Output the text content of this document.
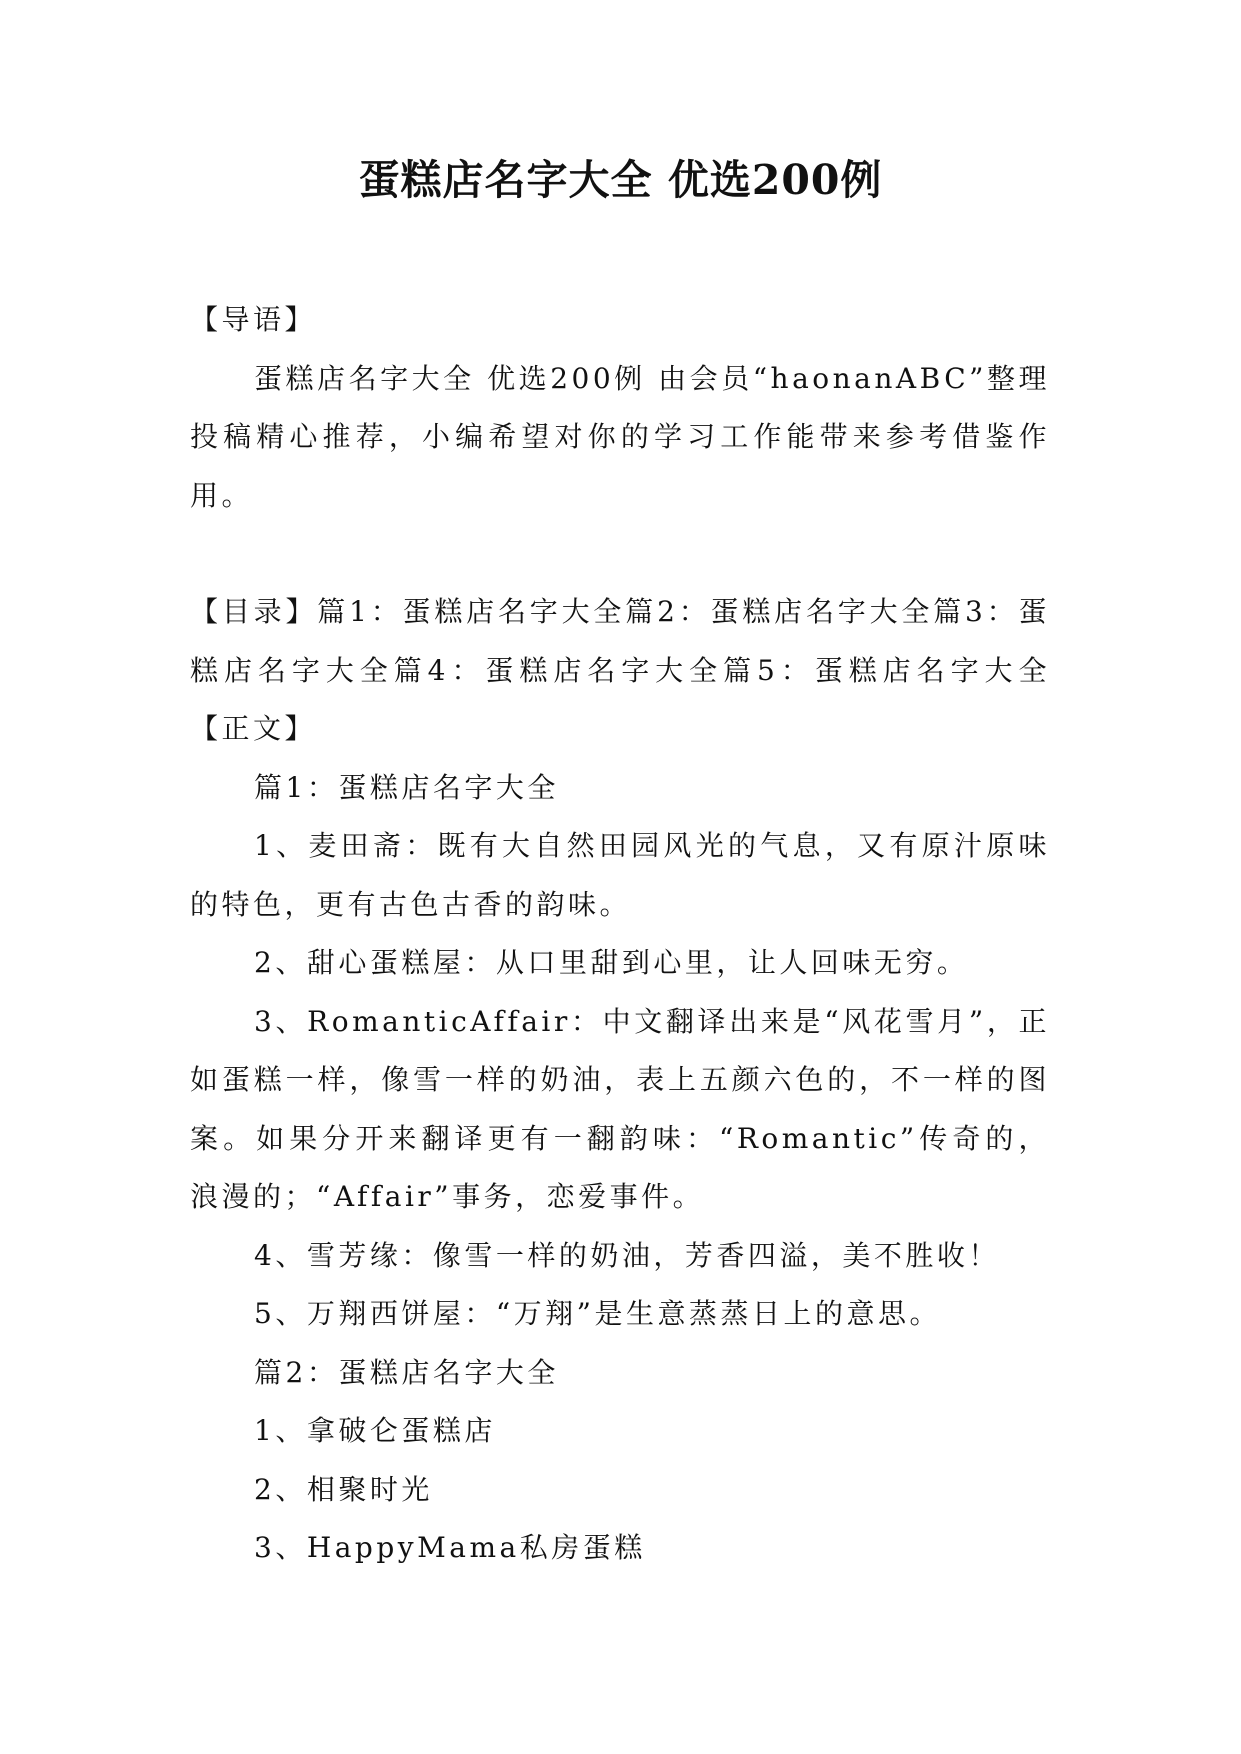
蛋糕店名字大全 优选200例

【导语】

蛋糕店名字大全 优选200例 由会员“haonanABC”整理投稿精心推荐，小编希望对你的学习工作能带来参考借鉴作用。

【目录】篇1：蛋糕店名字大全篇2：蛋糕店名字大全篇3：蛋糕店名字大全篇4：蛋糕店名字大全篇5：蛋糕店名字大全【正文】

篇1：蛋糕店名字大全

1、麦田斋：既有大自然田园风光的气息，又有原汁原味的特色，更有古色古香的韵味。

2、甜心蛋糕屋：从口里甜到心里，让人回味无穷。

3、RomanticAffair：中文翻译出来是“风花雪月”，正如蛋糕一样，像雪一样的奶油，表上五颜六色的，不一样的图案。如果分开来翻译更有一翻韵味：“Romantic”传奇的，浪漫的；“Affair”事务，恋爱事件。

4、雪芳缘：像雪一样的奶油，芳香四溢，美不胜收！

5、万翔西饼屋：“万翔”是生意蒸蒸日上的意思。

篇2：蛋糕店名字大全

1、拿破仑蛋糕店

2、相聚时光

3、HappyMama私房蛋糕
